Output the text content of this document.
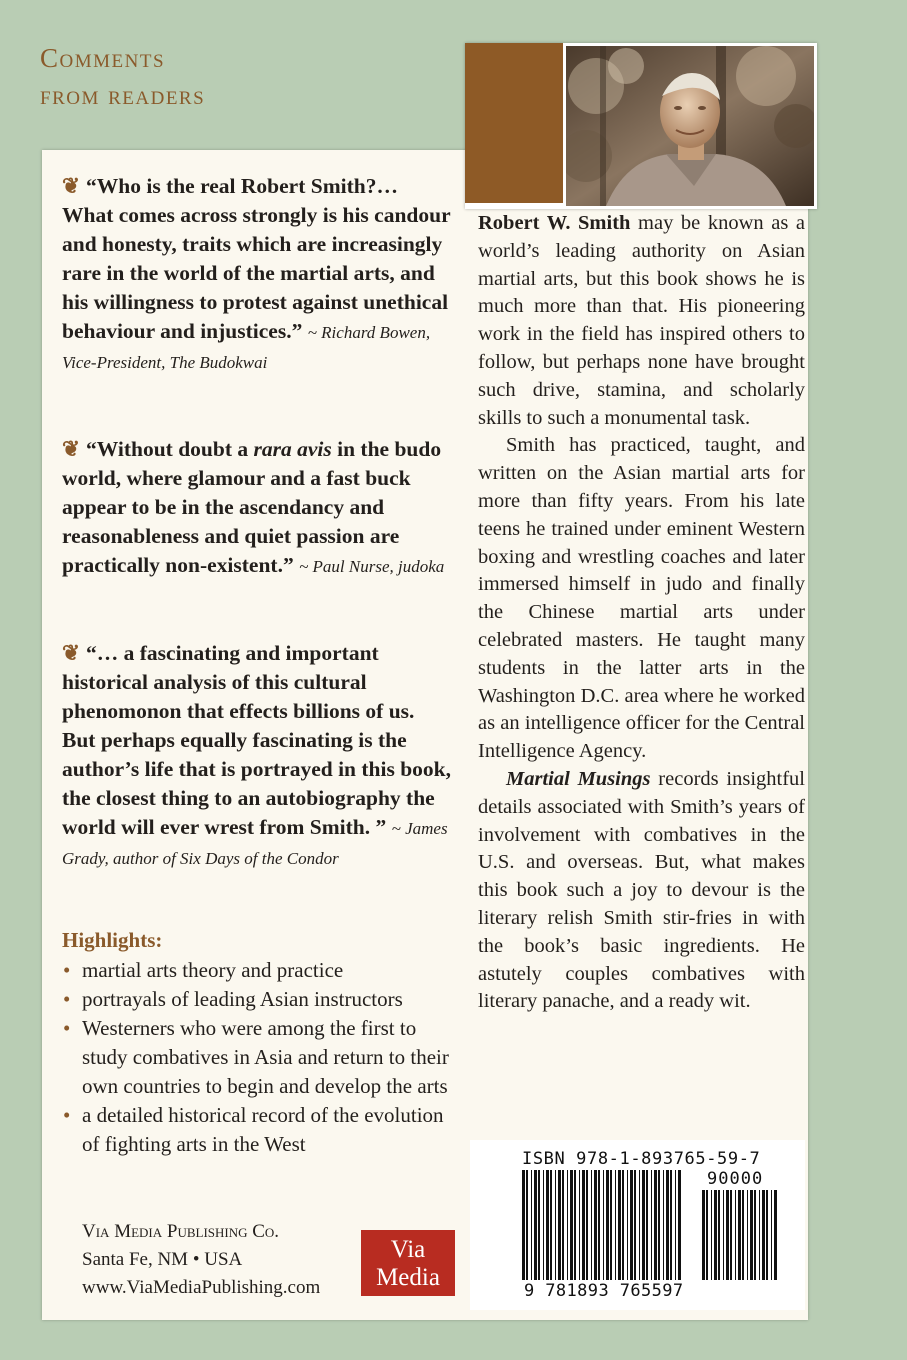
Comments
from readers
❦ “Who is the real Robert Smith?… What comes across strongly is his candour and honesty, traits which are increasingly rare in the world of the martial arts, and his willingness to protest against unethical behaviour and injustices.” ~ Richard Bowen, Vice-President, The Budokwai
❦ “Without doubt a rara avis in the budo world, where glamour and a fast buck appear to be in the ascendancy and reasonableness and quiet passion are practically non-existent.” ~ Paul Nurse, judoka
❦ “… a fascinating and important historical analysis of this cultural phenomonon that effects billions of us. But perhaps equally fascinating is the author’s life that is portrayed in this book, the closest thing to an autobiography the world will ever wrest from Smith. ” ~ James Grady, author of Six Days of the Condor
Highlights:
• martial arts theory and practice
• portrayals of leading Asian instructors
• Westerners who were among the first to study combatives in Asia and return to their own countries to begin and develop the arts
• a detailed historical record of the evolution of fighting arts in the West
Via Media Publishing Co.
Santa Fe, NM • USA
www.ViaMediaPublishing.com
Via
Media

Robert W. Smith may be known as a world’s leading authority on Asian martial arts, but this book shows he is much more than that. His pioneering work in the field has inspired others to follow, but perhaps none have brought such drive, stamina, and scholarly skills to such a monumental task.

Smith has practiced, taught, and written on the Asian martial arts for more than fifty years. From his late teens he trained under eminent Western boxing and wrestling coaches and later immersed himself in judo and finally the Chinese martial arts under celebrated masters. He taught many students in the latter arts in the Washington D.C. area where he worked as an intelligence officer for the Central Intelligence Agency.

Martial Musings records insightful details associated with Smith’s years of involvement with combatives in the U.S. and overseas. But, what makes this book such a joy to devour is the literary relish Smith stir-fries in with the book’s basic ingredients. He astutely couples combatives with literary panache, and a ready wit.

ISBN 978-1-893765-59-7
90000
9 781893 765597
